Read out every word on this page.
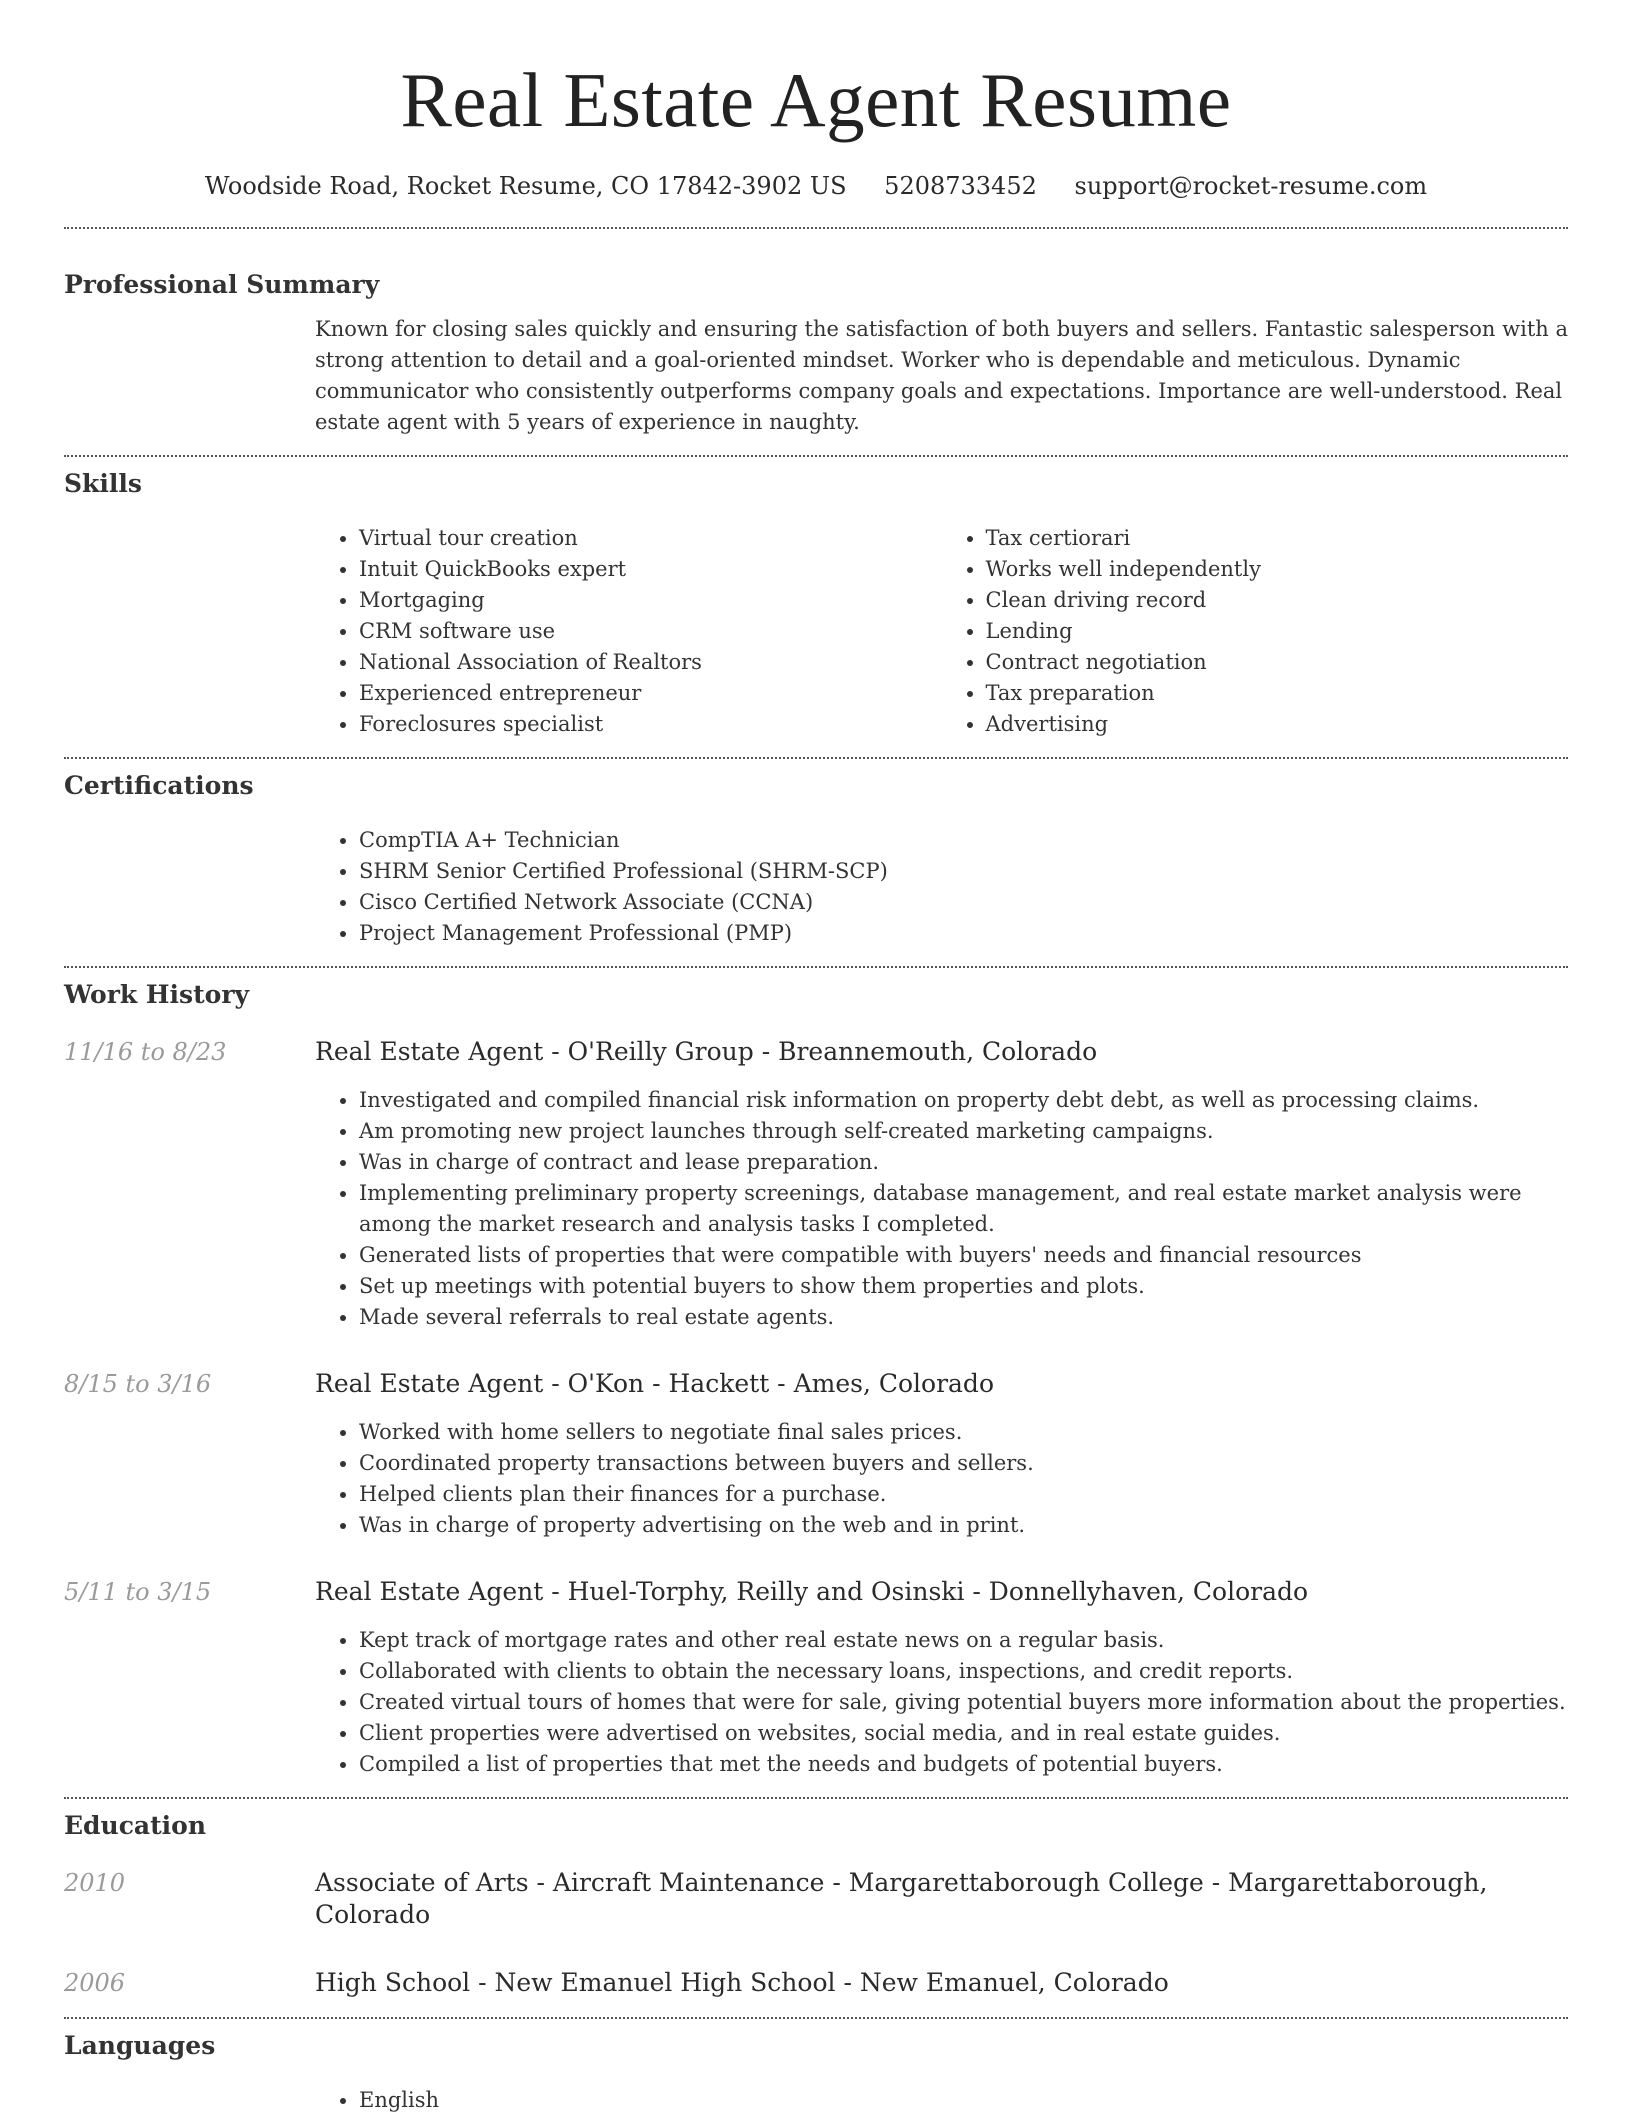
Real Estate Agent Resume
Woodside Road, Rocket Resume, CO 17842-3902 US 5208733452 support@rocket-resume.com
Professional Summary
Known for closing sales quickly and ensuring the satisfaction of both buyers and sellers. Fantastic salesperson with a strong attention to detail and a goal-oriented mindset. Worker who is dependable and meticulous. Dynamic communicator who consistently outperforms company goals and expectations. Importance are well-understood. Real estate agent with 5 years of experience in naughty.
Skills
• Virtual tour creation
• Intuit QuickBooks expert
• Mortgaging
• CRM software use
• National Association of Realtors
• Experienced entrepreneur
• Foreclosures specialist
• Tax certiorari
• Works well independently
• Clean driving record
• Lending
• Contract negotiation
• Tax preparation
• Advertising
Certifications
• CompTIA A+ Technician
• SHRM Senior Certified Professional (SHRM-SCP)
• Cisco Certified Network Associate (CCNA)
• Project Management Professional (PMP)
Work History
11/16 to 8/23	Real Estate Agent - O'Reilly Group - Breannemouth, Colorado
• Investigated and compiled financial risk information on property debt debt, as well as processing claims.
• Am promoting new project launches through self-created marketing campaigns.
• Was in charge of contract and lease preparation.
• Implementing preliminary property screenings, database management, and real estate market analysis were among the market research and analysis tasks I completed.
• Generated lists of properties that were compatible with buyers' needs and financial resources
• Set up meetings with potential buyers to show them properties and plots.
• Made several referrals to real estate agents.
8/15 to 3/16	Real Estate Agent - O'Kon - Hackett - Ames, Colorado
• Worked with home sellers to negotiate final sales prices.
• Coordinated property transactions between buyers and sellers.
• Helped clients plan their finances for a purchase.
• Was in charge of property advertising on the web and in print.
5/11 to 3/15	Real Estate Agent - Huel-Torphy, Reilly and Osinski - Donnellyhaven, Colorado
• Kept track of mortgage rates and other real estate news on a regular basis.
• Collaborated with clients to obtain the necessary loans, inspections, and credit reports.
• Created virtual tours of homes that were for sale, giving potential buyers more information about the properties.
• Client properties were advertised on websites, social media, and in real estate guides.
• Compiled a list of properties that met the needs and budgets of potential buyers.
Education
2010	Associate of Arts - Aircraft Maintenance - Margarettaborough College - Margarettaborough, Colorado
2006	High School - New Emanuel High School - New Emanuel, Colorado
Languages
• English
